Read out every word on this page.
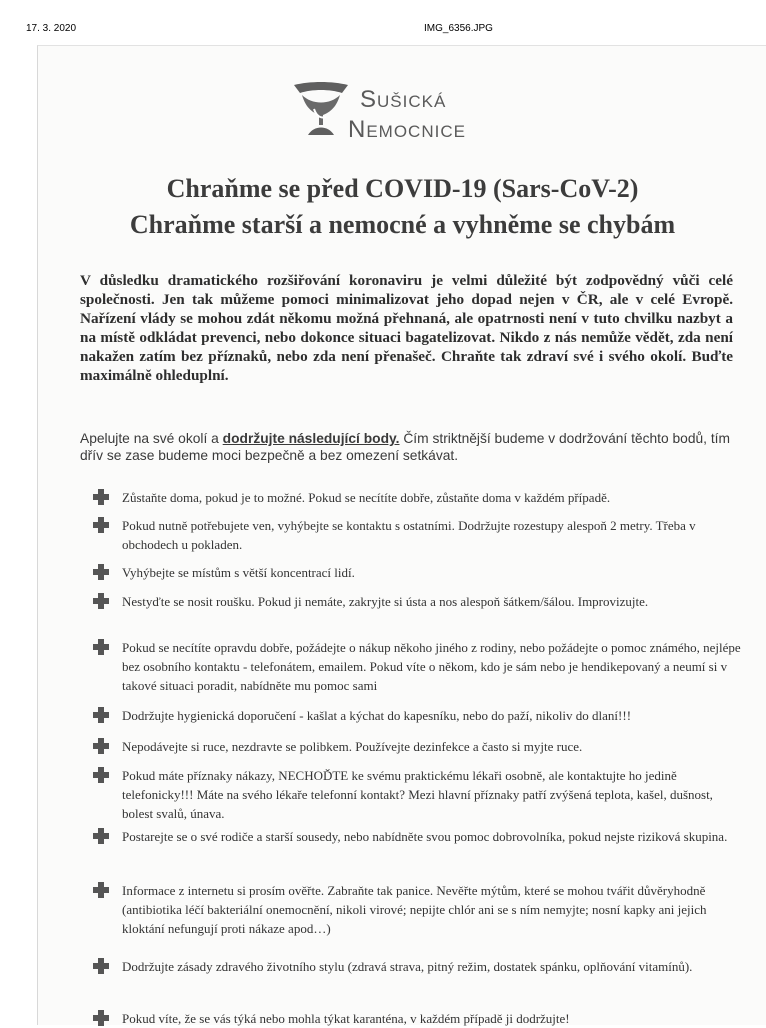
17. 3. 2020	IMG_6356.JPG
Sušická
Nemocnice
Chraňme se před COVID-19 (Sars-CoV-2)
Chraňme starší a nemocné a vyhněme se chybám
V důsledku dramatického rozšiřování koronaviru je velmi důležité být zodpovědný vůči celé společnosti. Jen tak můžeme pomoci minimalizovat jeho dopad nejen v ČR, ale v celé Evropě. Nařízení vlády se mohou zdát někomu možná přehnaná, ale opatrnosti není v tuto chvilku nazbyt a na místě odkládat prevenci, nebo dokonce situaci bagatelizovat. Nikdo z nás nemůže vědět, zda není nakažen zatím bez příznaků, nebo zda není přenašeč. Chraňte tak zdraví své i svého okolí. Buďte maximálně ohleduplní.
Apelujte na své okolí a dodržujte následující body. Čím striktnější budeme v dodržování těchto bodů, tím dřív se zase budeme moci bezpečně a bez omezení setkávat.
Zůstaňte doma, pokud je to možné. Pokud se necítíte dobře, zůstaňte doma v každém případě.
Pokud nutně potřebujete ven, vyhýbejte se kontaktu s ostatními. Dodržujte rozestupy alespoň 2 metry. Třeba v obchodech u pokladen.
Vyhýbejte se místům s větší koncentrací lidí.
Nestyďte se nosit roušku. Pokud ji nemáte, zakryjte si ústa a nos alespoň šátkem/šálou. Improvizujte.
Pokud se necítíte opravdu dobře, požádejte o nákup někoho jiného z rodiny, nebo požádejte o pomoc známého, nejlépe bez osobního kontaktu - telefonátem, emailem. Pokud víte o někom, kdo je sám nebo je hendikepovaný a neumí si v takové situaci poradit, nabídněte mu pomoc sami
Dodržujte hygienická doporučení - kašlat a kýchat do kapesníku, nebo do paží, nikoliv do dlaní!!!
Nepodávejte si ruce, nezdravte se polibkem. Používejte dezinfekce a často si myjte ruce.
Pokud máte příznaky nákazy, NECHOĎTE ke svému praktickému lékaři osobně, ale kontaktujte ho jedině telefonicky!!! Máte na svého lékaře telefonní kontakt? Mezi hlavní příznaky patří zvýšená teplota, kašel, dušnost, bolest svalů, únava.
Postarejte se o své rodiče a starší sousedy, nebo nabídněte svou pomoc dobrovolníka, pokud nejste riziková skupina.
Informace z internetu si prosím ověřte. Zabraňte tak panice. Nevěřte mýtům, které se mohou tvářit důvěryhodně (antibiotika léčí bakteriální onemocnění, nikoli virové; nepijte chlór ani se s ním nemyjte; nosní kapky ani jejich kloktání nefungují proti nákaze apod…)
Dodržujte zásady zdravého životního stylu (zdravá strava, pitný režim, dostatek spánku, oplňování vitamínů).
Pokud víte, že se vás týká nebo mohla týkat karanténa, v každém případě ji dodržujte!
